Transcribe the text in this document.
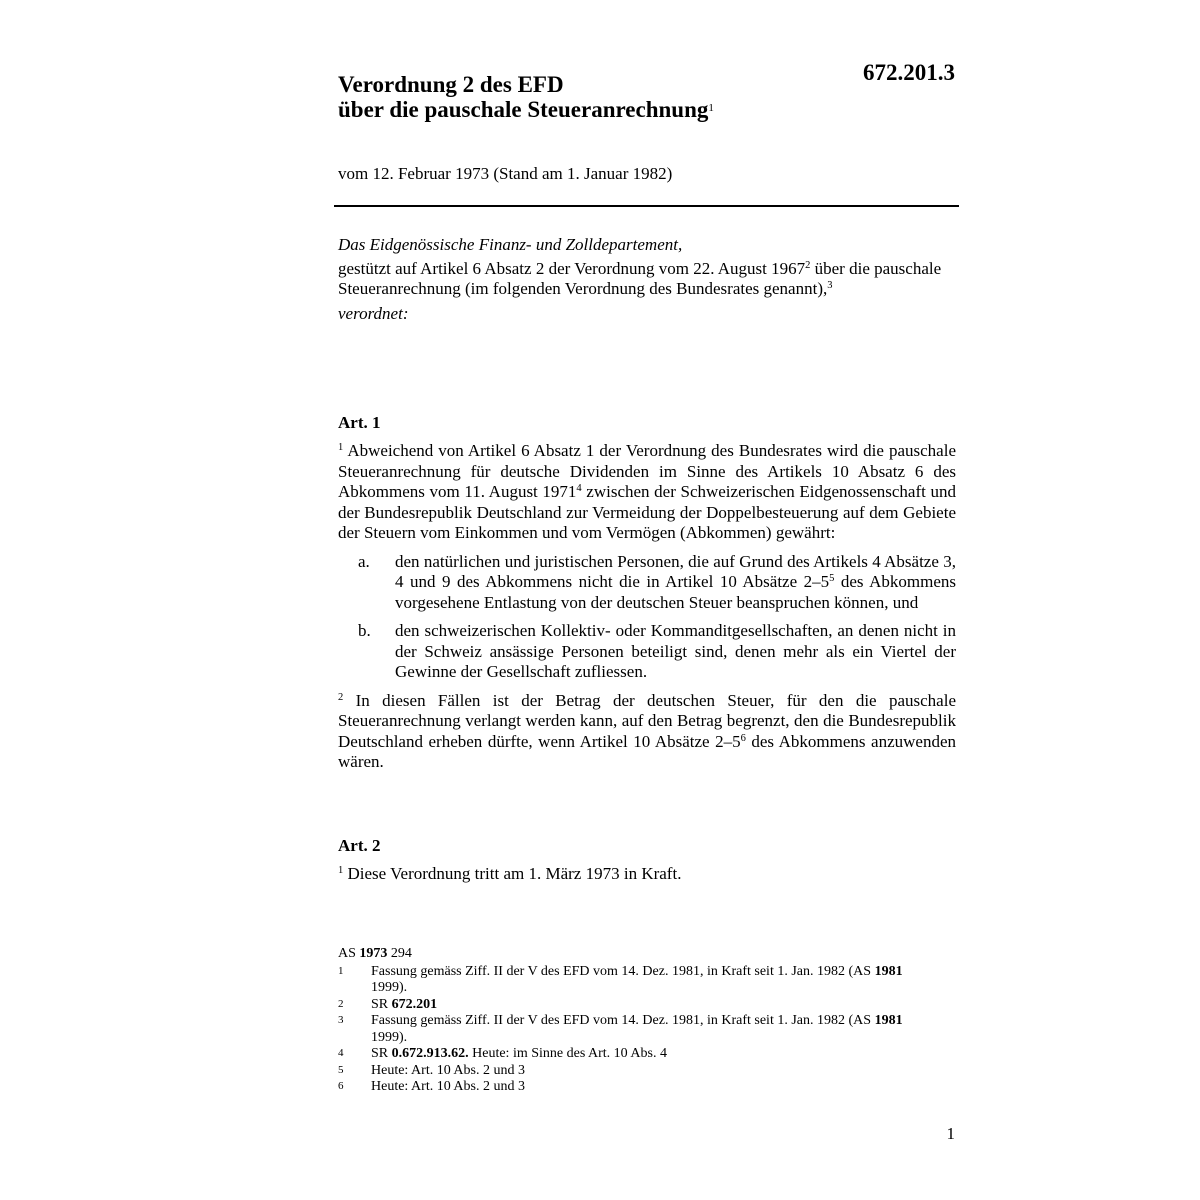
672.201.3
Verordnung 2 des EFD
über die pauschale Steueranrechnung$^1$
vom 12. Februar 1973 (Stand am 1. Januar 1982)

Das Eidgenössische Finanz- und Zolldepartement,

gestützt auf Artikel 6 Absatz 2 der Verordnung vom 22. August 1967$^2$ über die pauschale Steueranrechnung (im folgenden Verordnung des Bundesrates genannt),$^3$

verordnet:

Art. 1

$^1$ Abweichend von Artikel 6 Absatz 1 der Verordnung des Bundesrates wird die pauschale Steueranrechnung für deutsche Dividenden im Sinne des Artikels 10 Absatz 6 des Abkommens vom 11. August 1971$^4$ zwischen der Schweizerischen Eidgenossenschaft und der Bundesrepublik Deutschland zur Vermeidung der Doppelbesteuerung auf dem Gebiete der Steuern vom Einkommen und vom Vermögen (Abkommen) gewährt:

a. den natürlichen und juristischen Personen, die auf Grund des Artikels 4 Absätze 3, 4 und 9 des Abkommens nicht die in Artikel 10 Absätze $2-5^5$ des Abkommens vorgesehene Entlastung von der deutschen Steuer beanspruchen können, und
b. den schweizerischen Kollektiv- oder Kommanditgesellschaften, an denen nicht in der Schweiz ansässige Personen beteiligt sind, denen mehr als ein Viertel der Gewinne der Gesellschaft zufliessen.

$^2$ In diesen Fällen ist der Betrag der deutschen Steuer, für den die pauschale Steueranrechnung verlangt werden kann, auf den Betrag begrenzt, den die Bundesrepublik Deutschland erheben dürfte, wenn Artikel 10 Absätze $2-5^6$ des Abkommens anzuwenden wären.

Art. 2

$^1$ Diese Verordnung tritt am 1. März 1973 in Kraft.

AS 1973 294

1 Fassung gemäss Ziff. II der V des EFD vom 14. Dez. 1981, in Kraft seit 1. Jan. 1982 (AS 1981 1999).

2 SR 672.201

3 Fassung gemäss Ziff. II der V des EFD vom 14. Dez. 1981, in Kraft seit 1. Jan. 1982 (AS 1981 1999).

4 SR 0.672.913.62. Heute: im Sinne des Art. 10 Abs. 4

5 Heute: Art. 10 Abs. 2 und 3

6 Heute: Art. 10 Abs. 2 und 3

1
